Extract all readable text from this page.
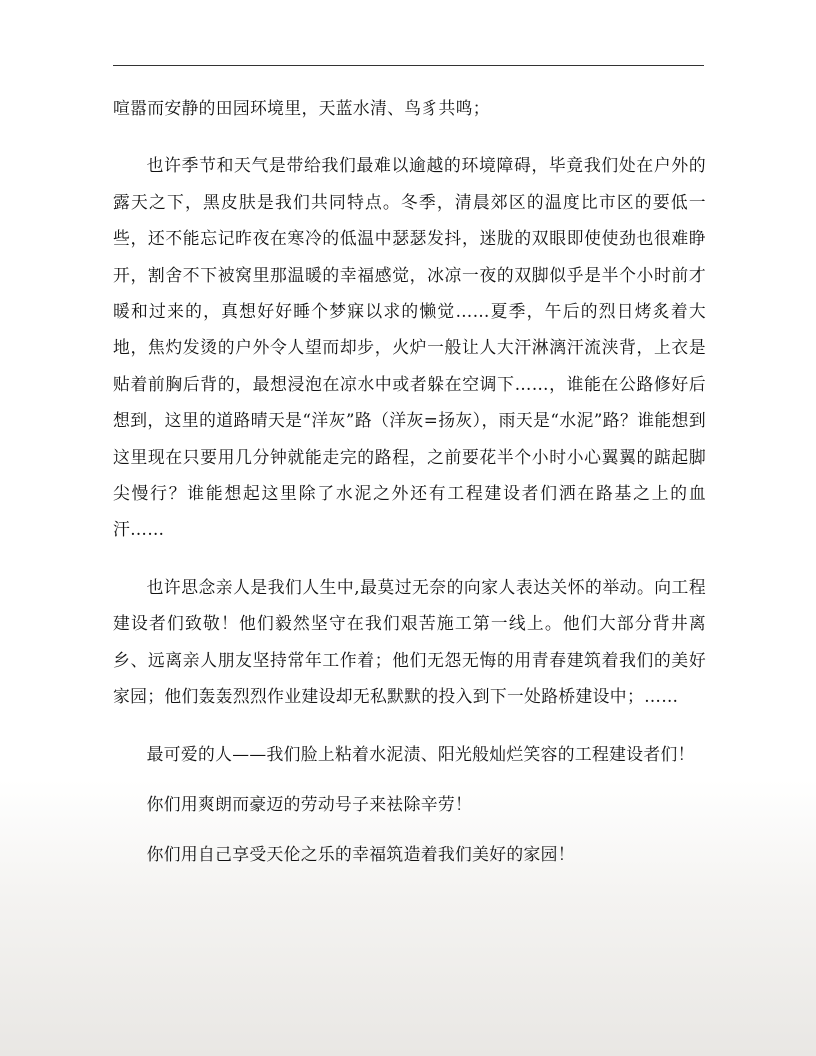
喧嚣而安静的田园环境里，天蓝水清、鸟豸共鸣；

也许季节和天气是带给我们最难以逾越的环境障碍，毕竟我们处在户外的露天之下，黑皮肤是我们共同特点。冬季，清晨郊区的温度比市区的要低一些，还不能忘记昨夜在寒冷的低温中瑟瑟发抖，迷胧的双眼即使使劲也很难睁开，割舍不下被窝里那温暖的幸福感觉，冰凉一夜的双脚似乎是半个小时前才暖和过来的，真想好好睡个梦寐以求的懒觉……夏季，午后的烈日烤炙着大地，焦灼发烫的户外令人望而却步，火炉一般让人大汗淋漓汗流浃背，上衣是贴着前胸后背的，最想浸泡在凉水中或者躲在空调下……，谁能在公路修好后想到，这里的道路晴天是“洋灰”路（洋灰=扬灰），雨天是“水泥”路？谁能想到这里现在只要用几分钟就能走完的路程，之前要花半个小时小心翼翼的踮起脚尖慢行？谁能想起这里除了水泥之外还有工程建设者们洒在路基之上的血汗……

也许思念亲人是我们人生中,最莫过无奈的向家人表达关怀的举动。向工程建设者们致敬！他们毅然坚守在我们艰苦施工第一线上。他们大部分背井离乡、远离亲人朋友坚持常年工作着；他们无怨无悔的用青春建筑着我们的美好家园；他们轰轰烈烈作业建设却无私默默的投入到下一处路桥建设中；……

最可爱的人——我们脸上粘着水泥渍、阳光般灿烂笑容的工程建设者们！

你们用爽朗而豪迈的劳动号子来袪除辛劳！

你们用自己享受天伦之乐的幸福筑造着我们美好的家园！
